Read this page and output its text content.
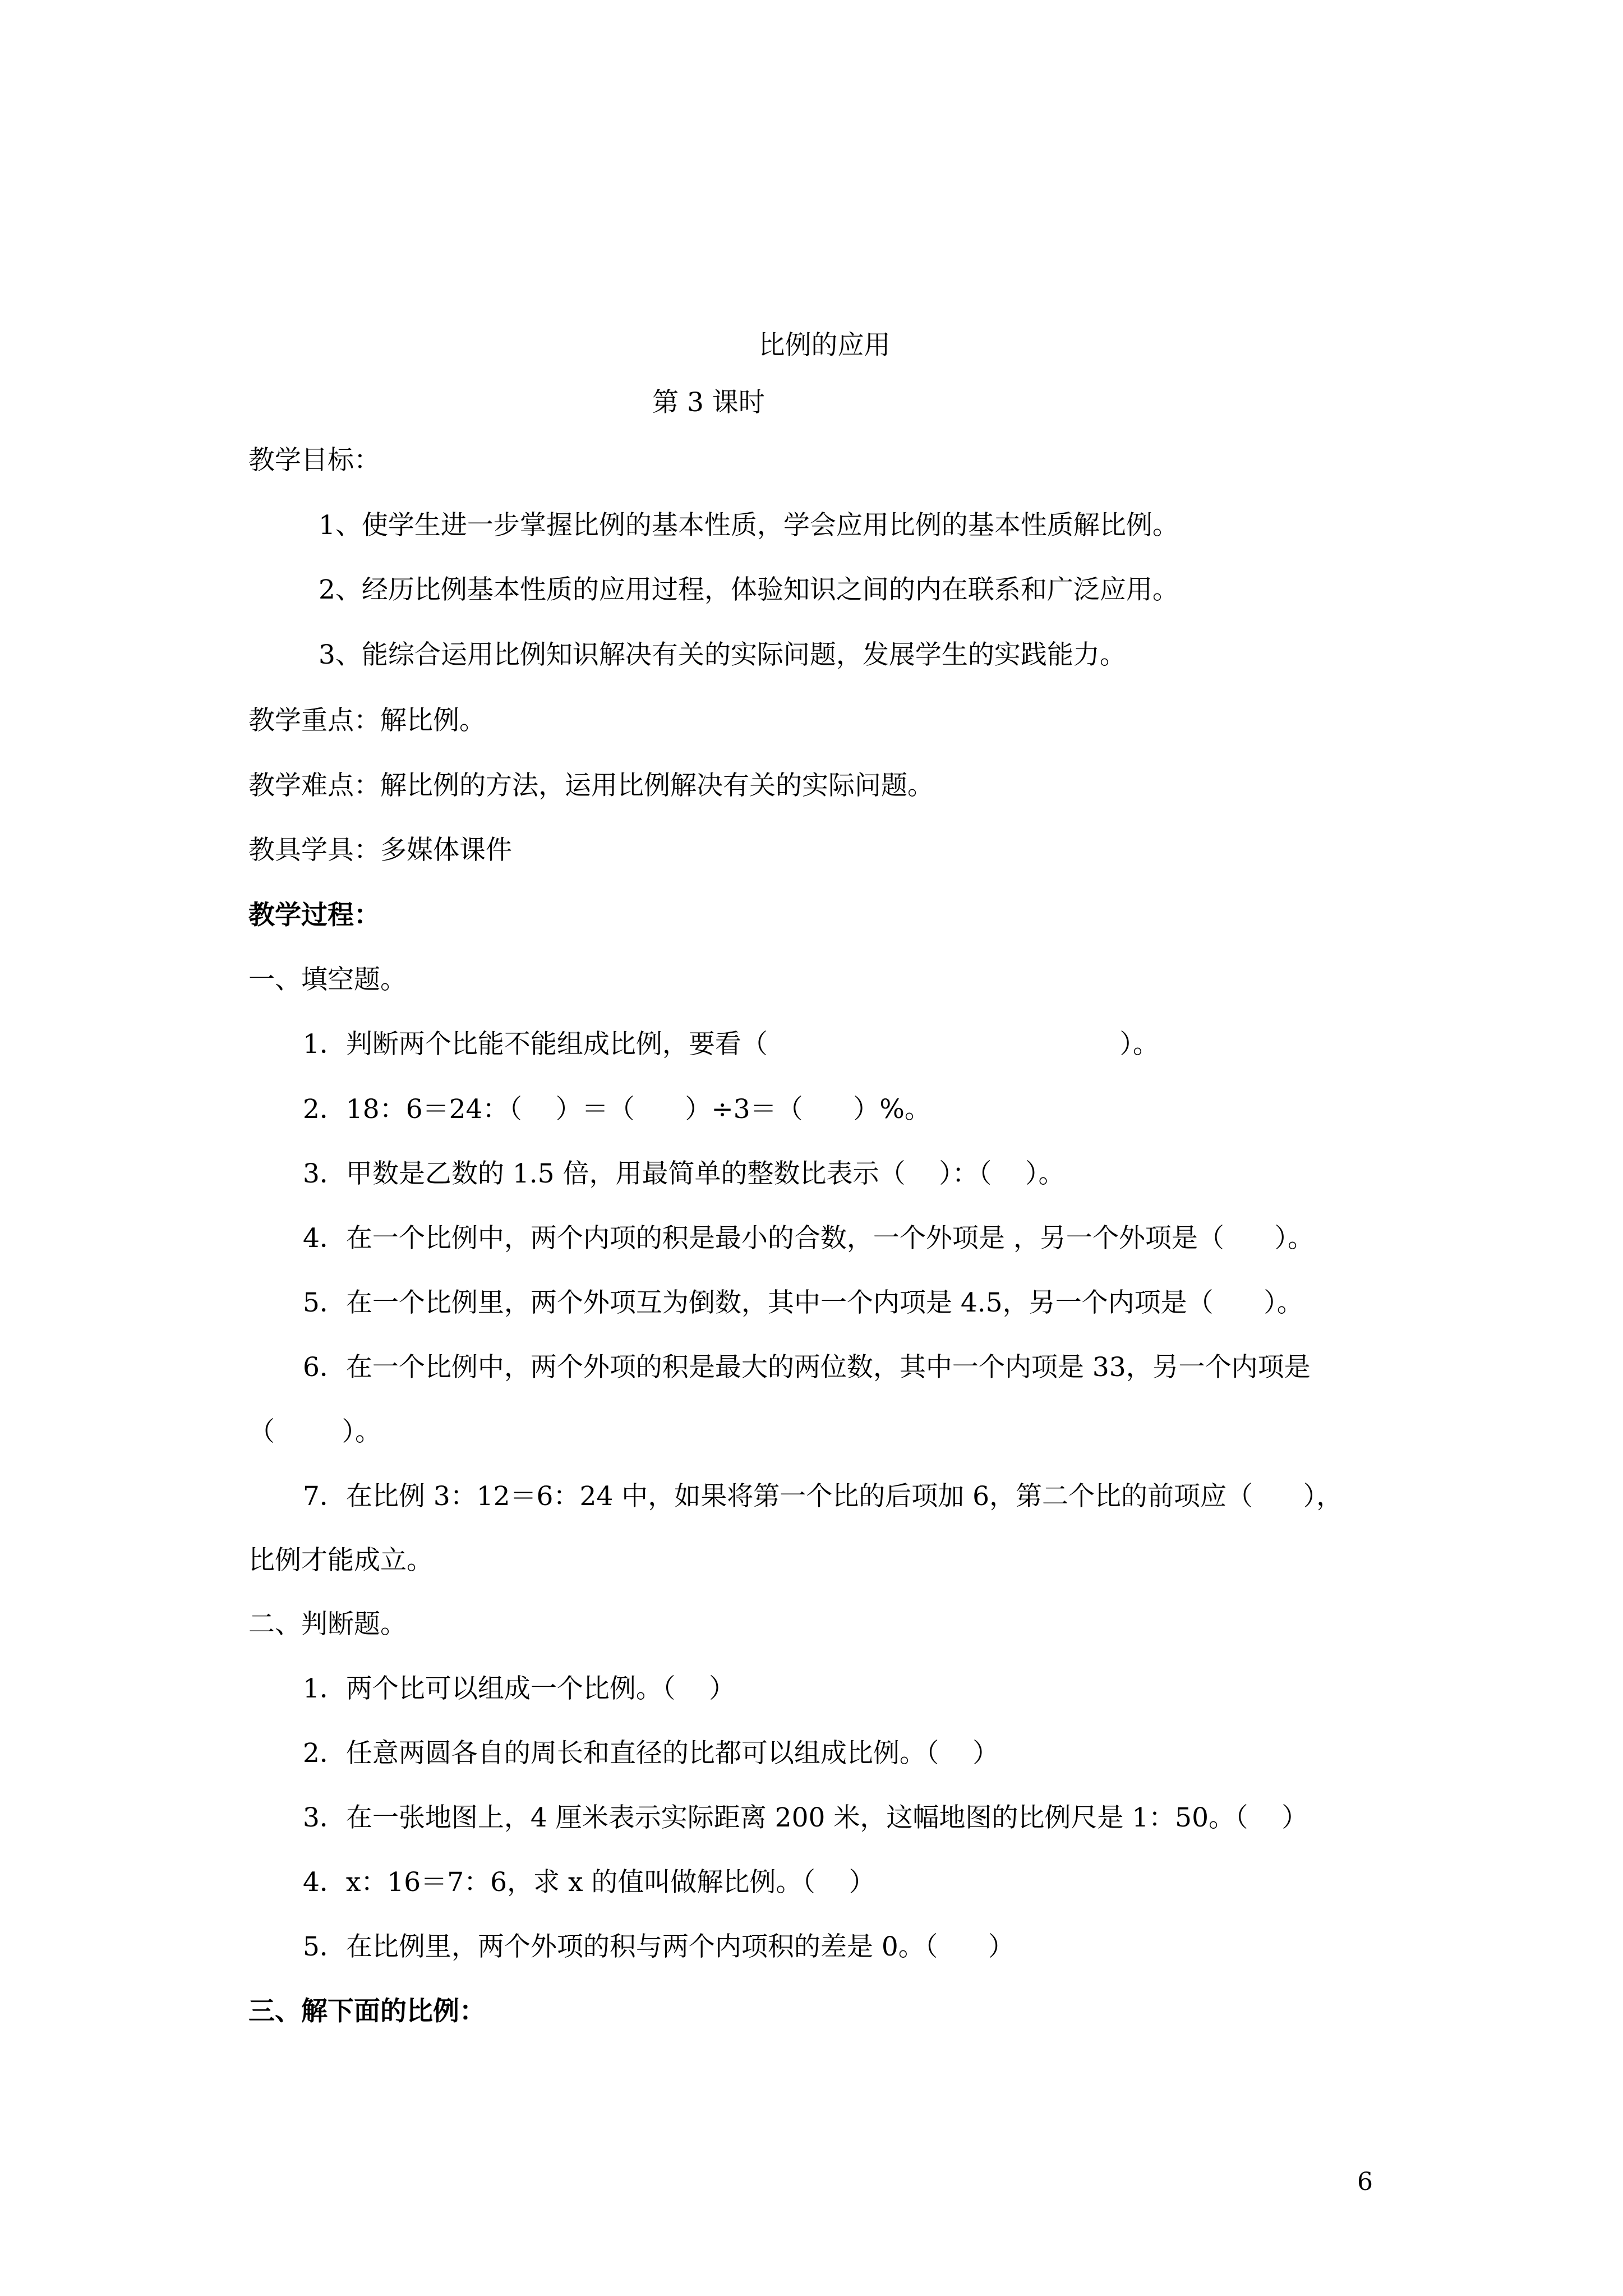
比例的应用

第 3 课时

教学目标：

1、使学生进一步掌握比例的基本性质，学会应用比例的基本性质解比例。

2、经历比例基本性质的应用过程，体验知识之间的内在联系和广泛应用。

3、能综合运用比例知识解决有关的实际问题，发展学生的实践能力。

教学重点：解比例。

教学难点：解比例的方法，运用比例解决有关的实际问题。

教具学具：多媒体课件

教学过程：

一、填空题。

1．判断两个比能不能组成比例，要看（                                          ）。

2．18：6＝24：（    ）＝（      ）÷3＝（      ）%。

3．甲数是乙数的 1.5 倍，用最简单的整数比表示（    ）：（    ）。

4．在一个比例中，两个内项的积是最小的合数，一个外项是 ，另一个外项是（      ）。

5．在一个比例里，两个外项互为倒数，其中一个内项是 4.5，另一个内项是（      ）。

6．在一个比例中，两个外项的积是最大的两位数，其中一个内项是 33，另一个内项是

（        ）。

7．在比例 3：12＝6：24 中，如果将第一个比的后项加 6，第二个比的前项应（      ），

比例才能成立。

二、判断题。

1．两个比可以组成一个比例。（    ）

2．任意两圆各自的周长和直径的比都可以组成比例。（    ）

3．在一张地图上，4 厘米表示实际距离 200 米，这幅地图的比例尺是 1：50。（    ）

4．x：16＝7：6，求 x 的值叫做解比例。（    ）

5．在比例里，两个外项的积与两个内项积的差是 0。（      ）

三、解下面的比例：

6
